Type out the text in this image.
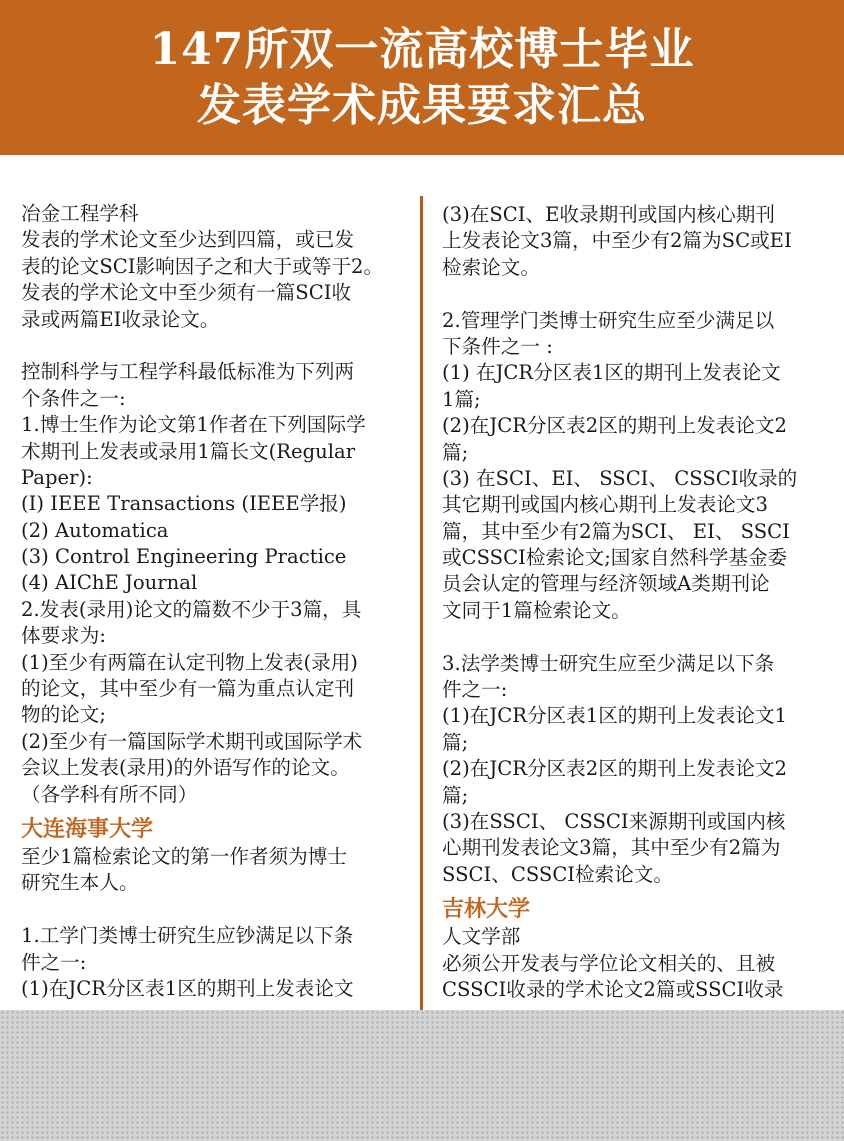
147所双一流高校博士毕业
发表学术成果要求汇总
冶金工程学科
发表的学术论文至少达到四篇，或已发
表的论文SCI影响因子之和大于或等于2。
发表的学术论文中至少须有一篇SCI收
录或两篇EI收录论文。
控制科学与工程学科最低标准为下列两
个条件之一:
1.博士生作为论文第1作者在下列国际学
术期刊上发表或录用1篇长文(Regular
Paper):
(I) IEEE Transactions (IEEE学报)
(2) Automatica
(3) Control Engineering Practice
(4) AIChE Journal
2.发表(录用)论文的篇数不少于3篇，具
体要求为:
(1)至少有两篇在认定刊物上发表(录用)
的论文，其中至少有一篇为重点认定刊
物的论文;
(2)至少有一篇国际学术期刊或国际学术
会议上发表(录用)的外语写作的论文。
（各学科有所不同）
大连海事大学
至少1篇检索论文的第一作者须为博士
研究生本人。
1.工学门类博士研究生应钞满足以下条
件之一:
(1)在JCR分区表1区的期刊上发表论文
(3)在SCI、E收录期刊或国内核心期刊
上发表论文3篇，中至少有2篇为SC或EI
检索论文。
2.管理学门类博士研究生应至少满足以
下条件之一 :
(1) 在JCR分区表1区的期刊上发表论文
1篇;
(2)在JCR分区表2区的期刊上发表论文2
篇;
(3) 在SCI、EI、 SSCI、 CSSCI收录的
其它期刊或国内核心期刊上发表论文3
篇，其中至少有2篇为SCI、 EI、 SSCI
或CSSCI检索论文;国家自然科学基金委
员会认定的管理与经济领域A类期刊论
文同于1篇检索论文。
3.法学类博士研究生应至少满足以下条
件之一:
(1)在JCR分区表1区的期刊上发表论文1
篇;
(2)在JCR分区表2区的期刊上发表论文2
篇;
(3)在SSCI、 CSSCI来源期刊或国内核
心期刊发表论文3篇，其中至少有2篇为
SSCI、CSSCI检索论文。
吉林大学
人文学部
必须公开发表与学位论文相关的、且被
CSSCI收录的学术论文2篇或SSCI收录
